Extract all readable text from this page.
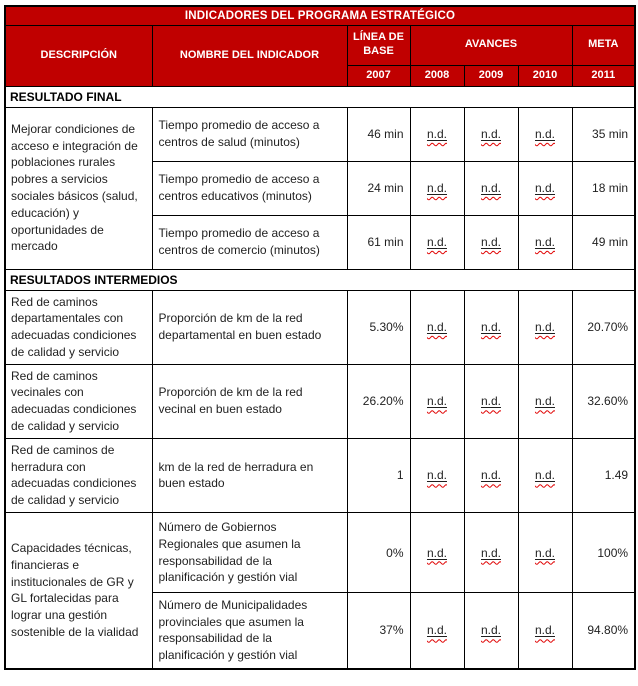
INDICADORES DEL PROGRAMA ESTRATÉGICO						
DESCRIPCIÓN	NOMBRE DEL INDICADOR	LÍNEA DE BASE	AVANCES			META
		2007	2008	2009	2010	2011
RESULTADO FINAL						
Mejorar condiciones de acceso e integración de poblaciones rurales pobres a servicios sociales básicos (salud, educación) y oportunidades de mercado	Tiempo promedio de acceso a centros de salud (minutos)	46 min	n.d.	n.d.	n.d.	35 min
	Tiempo promedio de acceso a centros educativos (minutos)	24 min	n.d.	n.d.	n.d.	18 min
	Tiempo promedio de acceso a centros de comercio (minutos)	61 min	n.d.	n.d.	n.d.	49 min
RESULTADOS INTERMEDIOS						
Red de caminos departamentales con adecuadas condiciones de calidad y servicio	Proporción de km de la red departamental en buen estado	5.30%	n.d.	n.d.	n.d.	20.70%
Red de caminos vecinales con adecuadas condiciones de calidad y servicio	Proporción de km de la red vecinal en buen estado	26.20%	n.d.	n.d.	n.d.	32.60%
Red de caminos de herradura con adecuadas condiciones de calidad y servicio	km de la red de herradura en buen estado	1	n.d.	n.d.	n.d.	1.49
Capacidades técnicas, financieras e institucionales de GR y GL fortalecidas para lograr una gestión sostenible de la vialidad	Número de Gobiernos Regionales que asumen la responsabilidad de la planificación y gestión vial	0%	n.d.	n.d.	n.d.	100%
	Número de Municipalidades provinciales que asumen la responsabilidad de la planificación y gestión vial	37%	n.d.	n.d.	n.d.	94.80%
